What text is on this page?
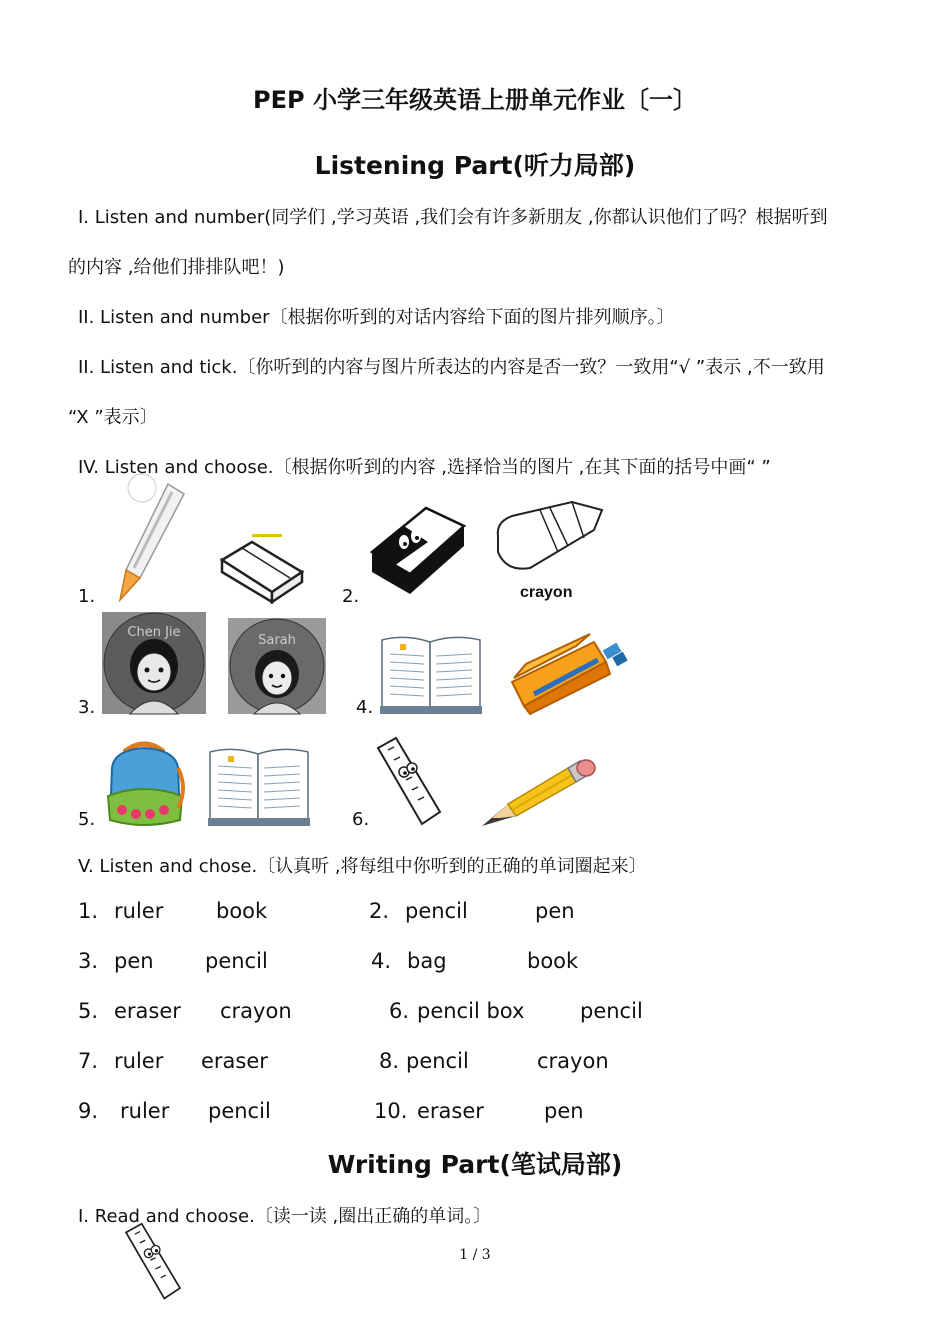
PEP 小学三年级英语上册单元作业〔一〕
Listening Part(听力局部)
I. Listen and number(同学们 ,学习英语 ,我们会有许多新朋友 ,你都认识他们了吗？根据听到
的内容 ,给他们排排队吧！)
II. Listen and number〔根据你听到的对话内容给下面的图片排列顺序。〕
II. Listen and tick.〔你听到的内容与图片所表达的内容是否一致？一致用“√ ”表示 ,不一致用
“X ”表示〕
IV. Listen and choose.〔根据你听到的内容 ,选择恰当的图片 ,在其下面的括号中画“ ”
1.	2.	crayon
3.
Chen Jie
Sarah
4.
5.	6.
V. Listen and chose.〔认真听 ,将每组中你听到的正确的单词圈起来〕
1. ruler	book	2. pencil	pen
3. pen pencil	4. bag	book
5. eraser crayon	6. pencil box	pencil
7. ruler eraser	8. pencil	crayon
9. ruler pencil	10. eraser	pen
Writing Part(笔试局部)
I. Read and choose.〔读一读 ,圈出正确的单词。〕
1 / 3
